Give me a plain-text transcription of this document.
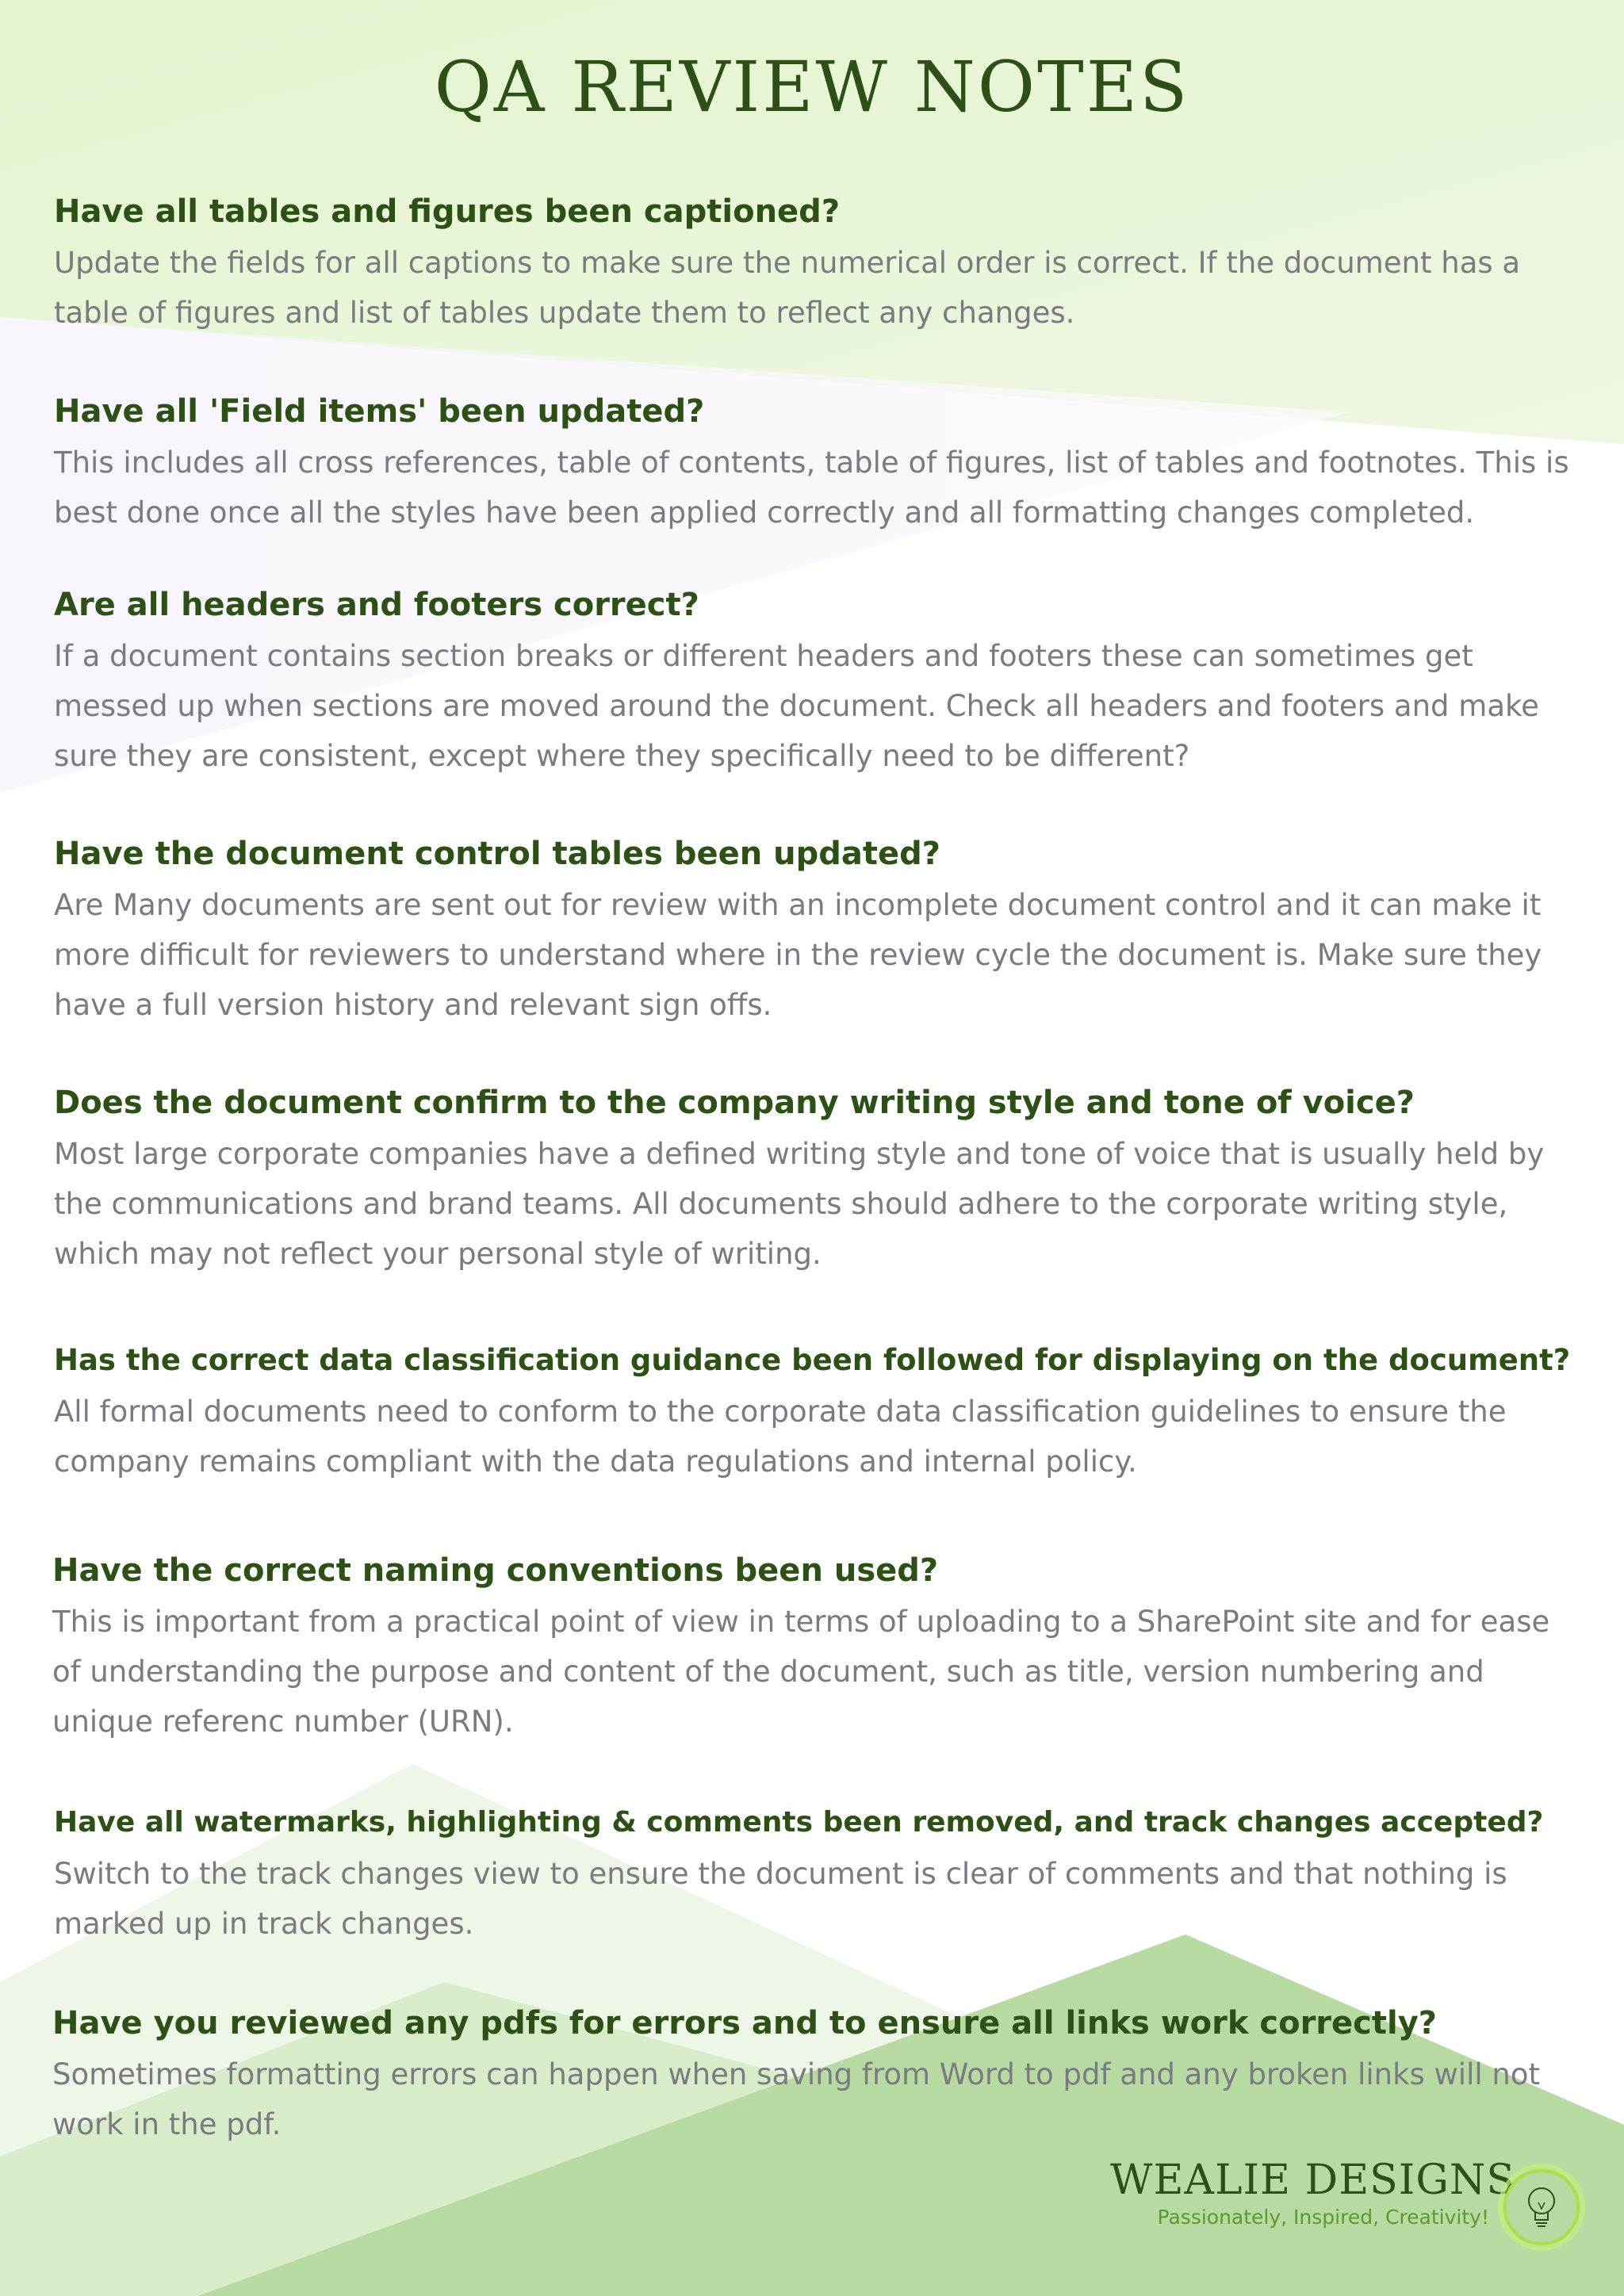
QA REVIEW NOTES
Have all tables and figures been captioned?

Update the fields for all captions to make sure the numerical order is correct. If the document has a table of figures and list of tables update them to reflect any changes.

Have all 'Field items' been updated?

This includes all cross references, table of contents, table of figures, list of tables and footnotes. This is best done once all the styles have been applied correctly and all formatting changes completed.

Are all headers and footers correct?

If a document contains section breaks or different headers and footers these can sometimes get messed up when sections are moved around the document. Check all headers and footers and make sure they are consistent, except where they specifically need to be different?

Have the document control tables been updated?

Are Many documents are sent out for review with an incomplete document control and it can make it more difficult for reviewers to understand where in the review cycle the document is. Make sure they have a full version history and relevant sign offs.

Does the document confirm to the company writing style and tone of voice?

Most large corporate companies have a defined writing style and tone of voice that is usually held by the communications and brand teams. All documents should adhere to the corporate writing style, which may not reflect your personal style of writing.

Has the correct data classification guidance been followed for displaying on the document?

All formal documents need to conform to the corporate data classification guidelines to ensure the company remains compliant with the data regulations and internal policy.

Have the correct naming conventions been used?

This is important from a practical point of view in terms of uploading to a SharePoint site and for ease of understanding the purpose and content of the document, such as title, version numbering and unique referenc number (URN).

Have all watermarks, highlighting & comments been removed, and track changes accepted?

Switch to the track changes view to ensure the document is clear of comments and that nothing is marked up in track changes.

Have you reviewed any pdfs for errors and to ensure all links work correctly?

Sometimes formatting errors can happen when saving from Word to pdf and any broken links will not work in the pdf.

WEALIE DESIGNS
Passionately, Inspired, Creativity!
